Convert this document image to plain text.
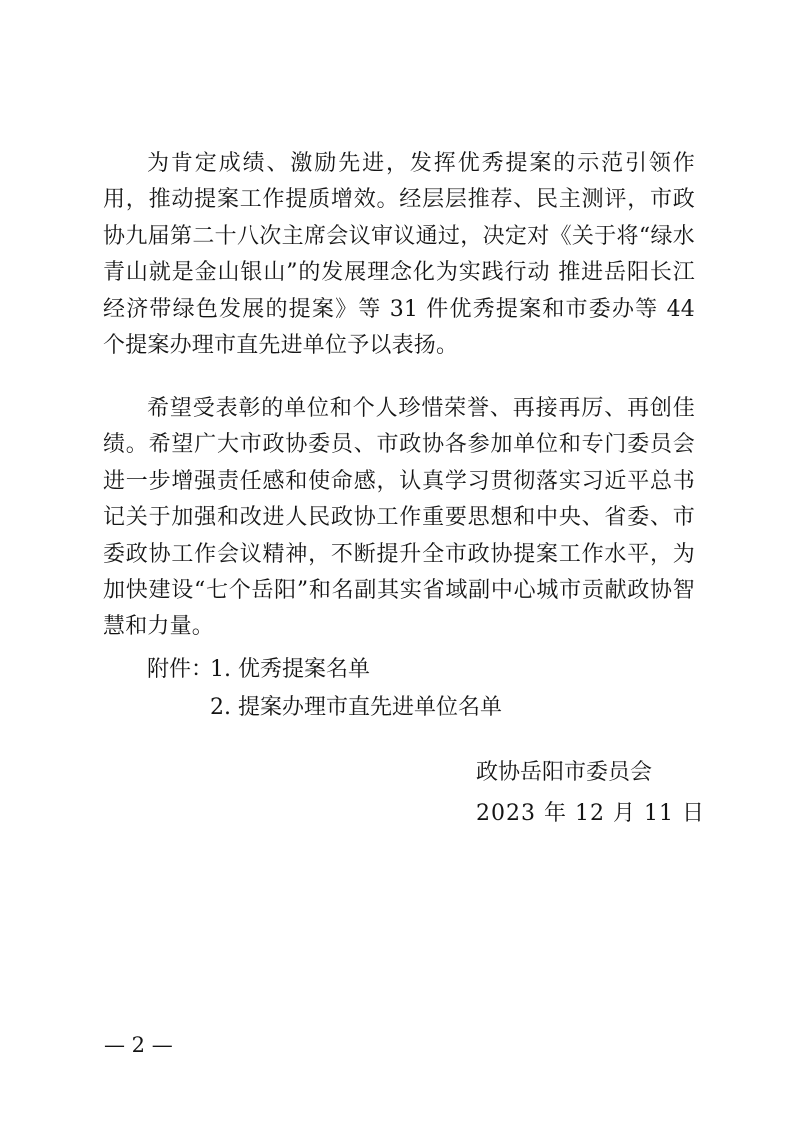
为肯定成绩、激励先进，发挥优秀提案的示范引领作用，推动提案工作提质增效。经层层推荐、民主测评，市政协九届第二十八次主席会议审议通过，决定对《关于将“绿水青山就是金山银山”的发展理念化为实践行动 推进岳阳长江经济带绿色发展的提案》等 31 件优秀提案和市委办等 44 个提案办理市直先进单位予以表扬。

希望受表彰的单位和个人珍惜荣誉、再接再厉、再创佳绩。希望广大市政协委员、市政协各参加单位和专门委员会进一步增强责任感和使命感，认真学习贯彻落实习近平总书记关于加强和改进人民政协工作重要思想和中央、省委、市委政协工作会议精神，不断提升全市政协提案工作水平，为加快建设“七个岳阳”和名副其实省域副中心城市贡献政协智慧和力量。

附件：

1. 优秀提案名单

2. 提案办理市直先进单位名单

政协岳阳市委员会

2023 年 12 月 11 日

— 2 —
